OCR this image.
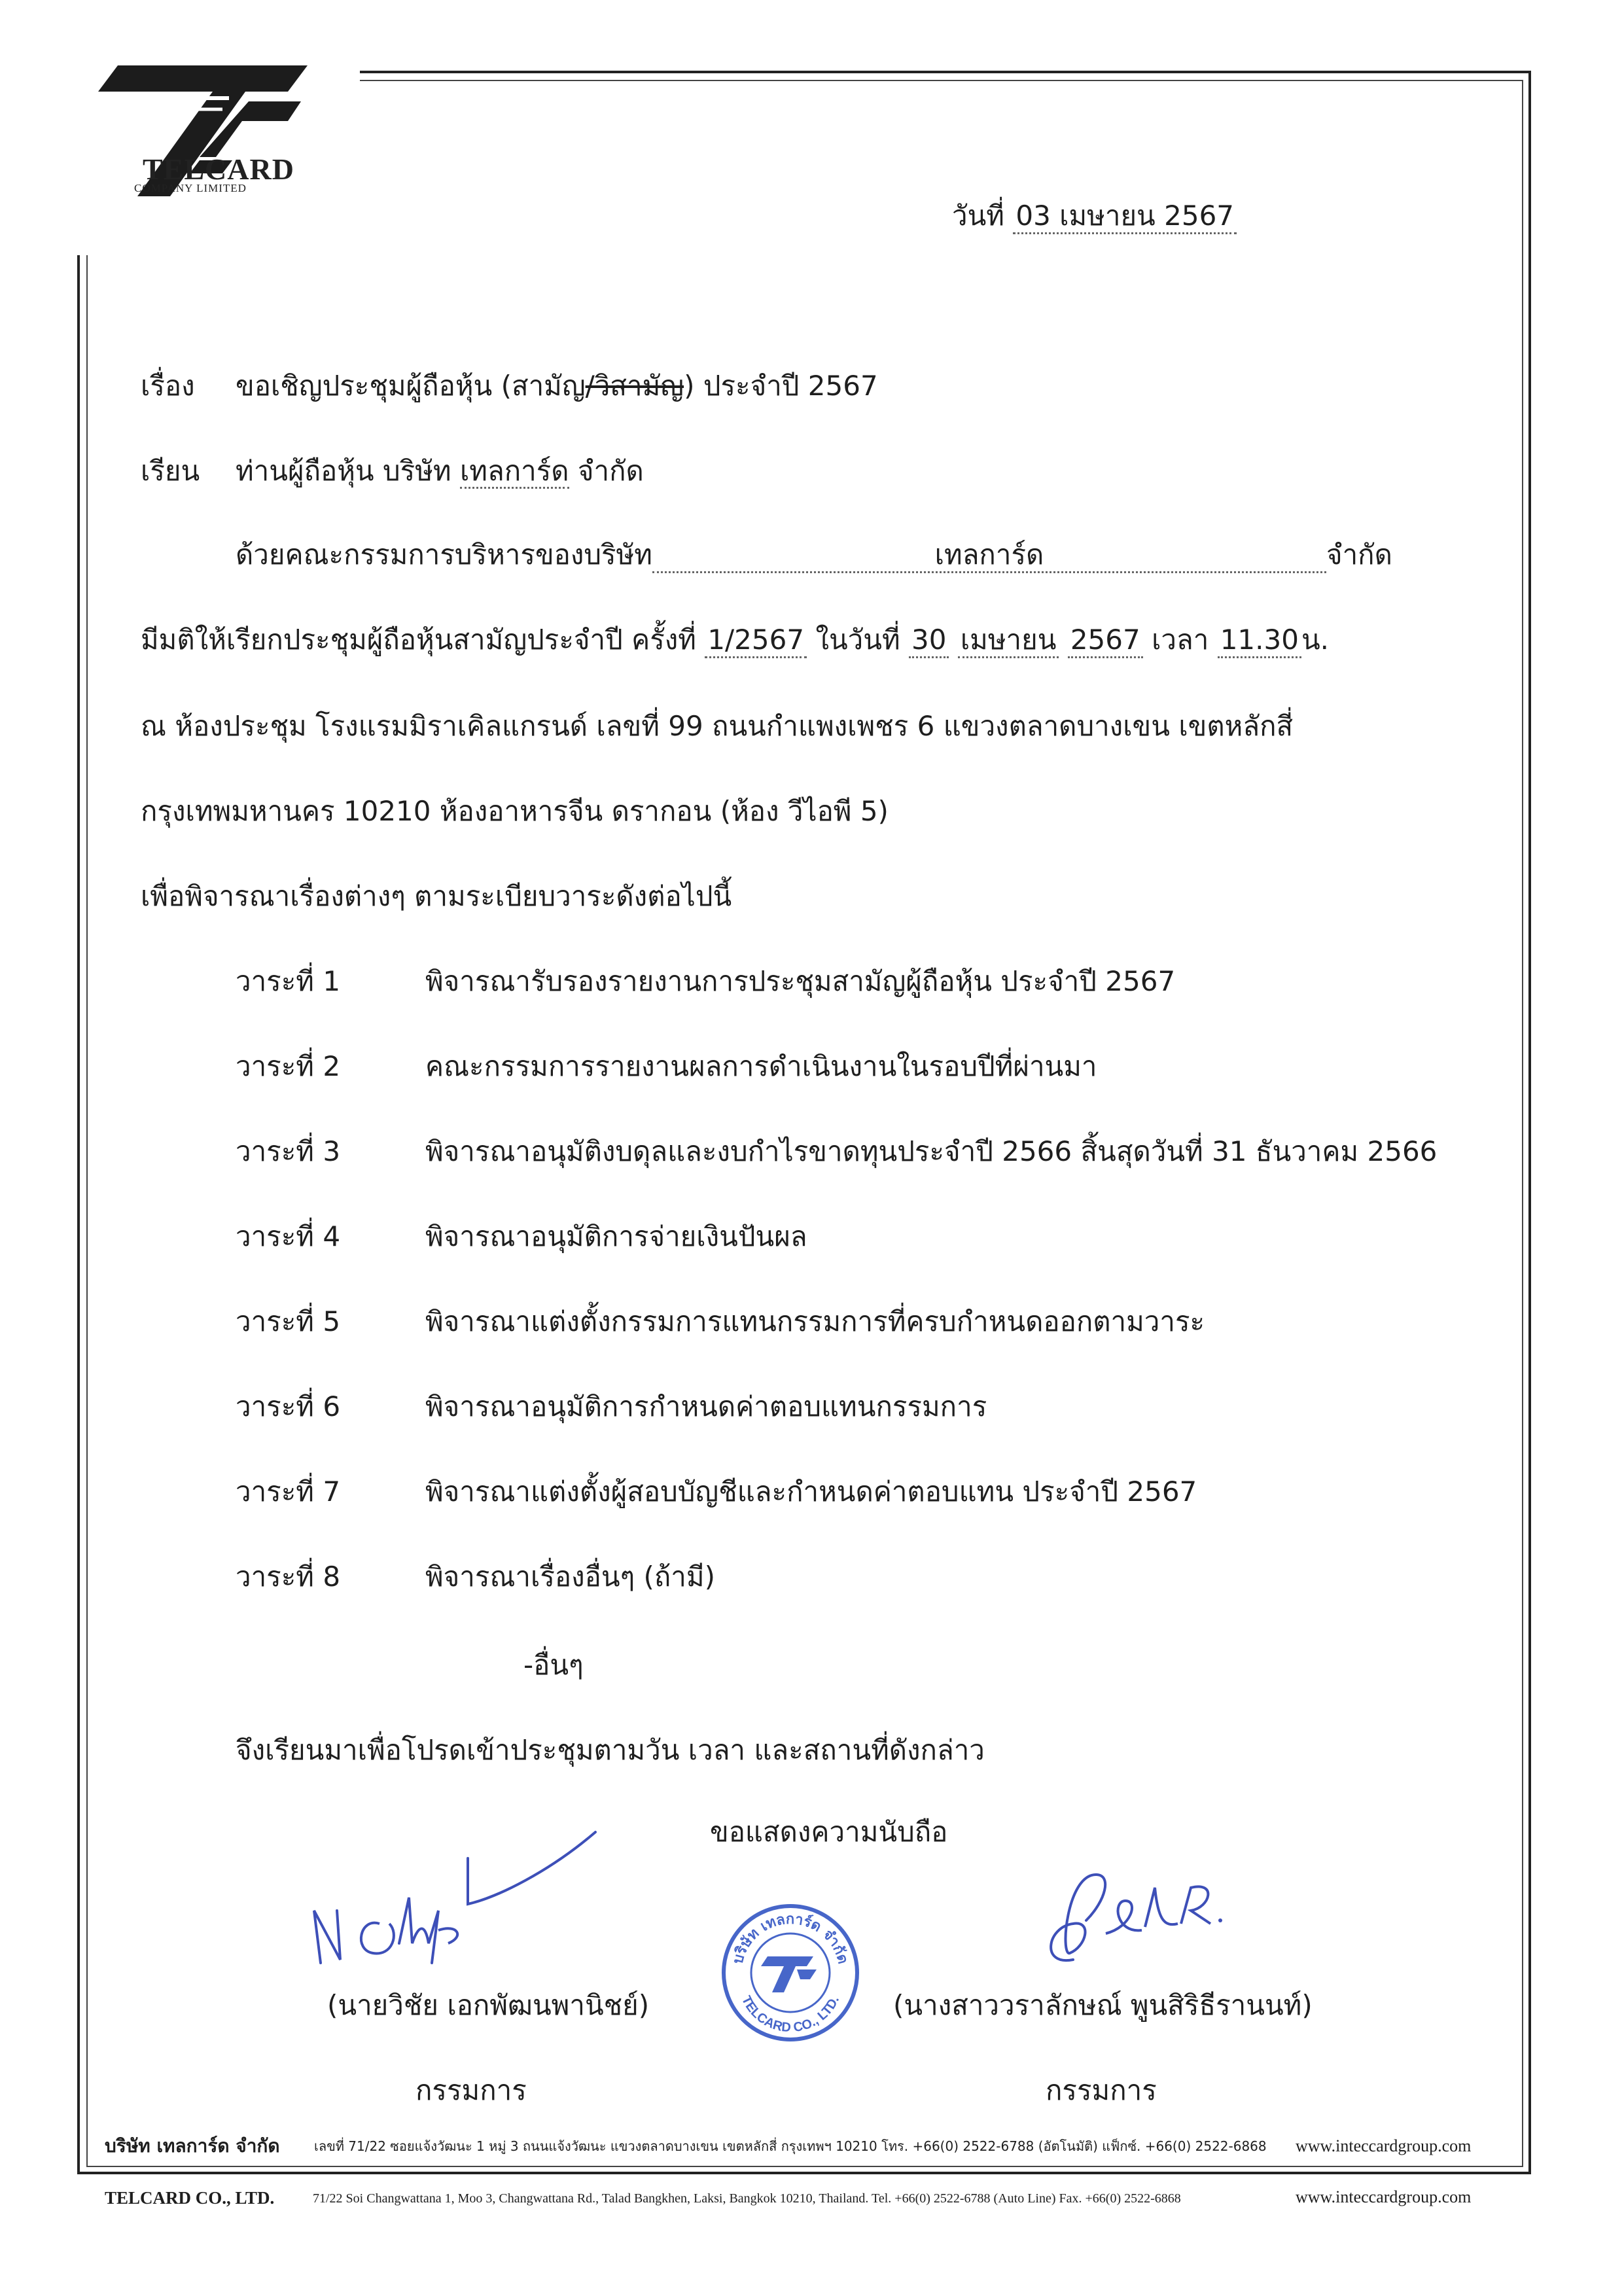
TELCARD
COMPANY LIMITED
วันที่ 03 เมษายน 2567
เรื่อง ขอเชิญประชุมผู้ถือหุ้น (สามัญ/วิสามัญ) ประจำปี 2567
เรียน ท่านผู้ถือหุ้น บริษัท เทลการ์ด จำกัด
ด้วยคณะกรรมการบริหารของบริษัท	เทลการ์ด	จำกัด
มีมติให้เรียกประชุมผู้ถือหุ้นสามัญประจำปี ครั้งที่ 1/2567 ในวันที่ 30 เมษายน 2567 เวลา 11.30น.
ณ ห้องประชุม โรงแรมมิราเคิลแกรนด์ เลขที่ 99 ถนนกำแพงเพชร 6 แขวงตลาดบางเขน เขตหลักสี่
กรุงเทพมหานคร 10210 ห้องอาหารจีน ดรากอน (ห้อง วีไอพี 5)
เพื่อพิจารณาเรื่องต่างๆ ตามระเบียบวาระดังต่อไปนี้
วาระที่ 1	พิจารณารับรองรายงานการประชุมสามัญผู้ถือหุ้น ประจำปี 2567
วาระที่ 2	คณะกรรมการรายงานผลการดำเนินงานในรอบปีที่ผ่านมา
วาระที่ 3	พิจารณาอนุมัติงบดุลและงบกำไรขาดทุนประจำปี 2566 สิ้นสุดวันที่ 31 ธันวาคม 2566
วาระที่ 4	พิจารณาอนุมัติการจ่ายเงินปันผล
วาระที่ 5	พิจารณาแต่งตั้งกรรมการแทนกรรมการที่ครบกำหนดออกตามวาระ
วาระที่ 6	พิจารณาอนุมัติการกำหนดค่าตอบแทนกรรมการ
วาระที่ 7	พิจารณาแต่งตั้งผู้สอบบัญชีและกำหนดค่าตอบแทน ประจำปี 2567
วาระที่ 8	พิจารณาเรื่องอื่นๆ (ถ้ามี)
-อื่นๆ
จึงเรียนมาเพื่อโปรดเข้าประชุมตามวัน เวลา และสถานที่ดังกล่าว
ขอแสดงความนับถือ
บริษัท เทลการ์ด จำกัด
TELCARD CO., LTD.
(นายวิชัย เอกพัฒนพานิชย์)	(นางสาววราลักษณ์ พูนสิริธีรานนท์)
กรรมการ	กรรมการ
บริษัท เทลการ์ด จำกัด	เลขที่ 71/22 ซอยแจ้งวัฒนะ 1 หมู่ 3 ถนนแจ้งวัฒนะ แขวงตลาดบางเขน เขตหลักสี่ กรุงเทพฯ 10210 โทร. +66(0) 2522-6788 (อัตโนมัติ) แฟ็กซ์. +66(0) 2522-6868 www.inteccardgroup.com
TELCARD CO., LTD.	71/22 Soi Changwattana 1, Moo 3, Changwattana Rd., Talad Bangkhen, Laksi, Bangkok 10210, Thailand. Tel. +66(0) 2522-6788 (Auto Line) Fax. +66(0) 2522-6868	www.inteccardgroup.com
